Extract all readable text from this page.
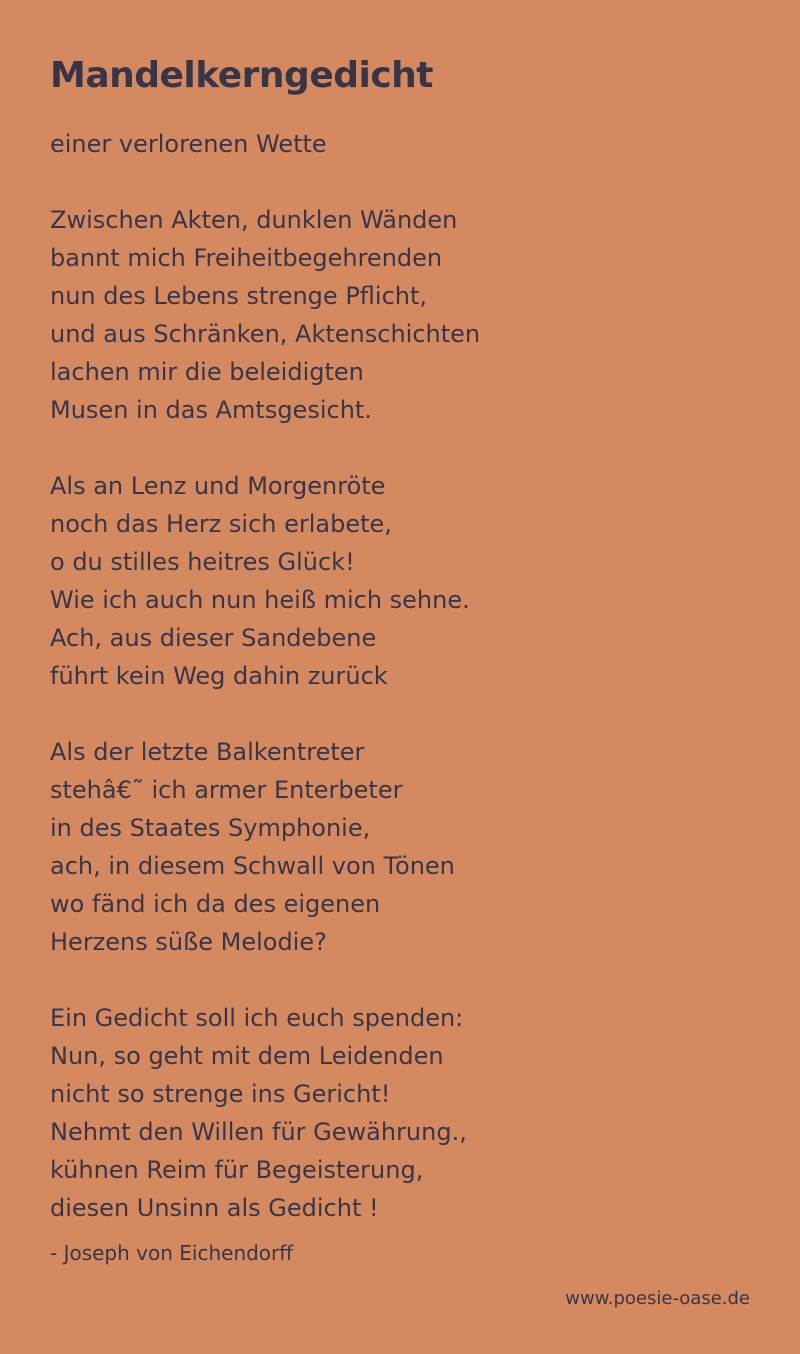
Mandelkerngedicht

einer verlorenen Wette

Zwischen Akten, dunklen Wänden
bannt mich Freiheitbegehrenden
nun des Lebens strenge Pflicht,
und aus Schränken, Aktenschichten
lachen mir die beleidigten
Musen in das Amtsgesicht.
Als an Lenz und Morgenröte
noch das Herz sich erlabete,
o du stilles heitres Glück!
Wie ich auch nun heiß mich sehne.
Ach, aus dieser Sandebene
führt kein Weg dahin zurück
Als der letzte Balkentreter
stehâ€˜ ich armer Enterbeter
in des Staates Symphonie,
ach, in diesem Schwall von Tönen
wo fänd ich da des eigenen
Herzens süße Melodie?
Ein Gedicht soll ich euch spenden:
Nun, so geht mit dem Leidenden
nicht so strenge ins Gericht!
Nehmt den Willen für Gewährung.,
kühnen Reim für Begeisterung,
diesen Unsinn als Gedicht !

- Joseph von Eichendorff

www.poesie-oase.de
